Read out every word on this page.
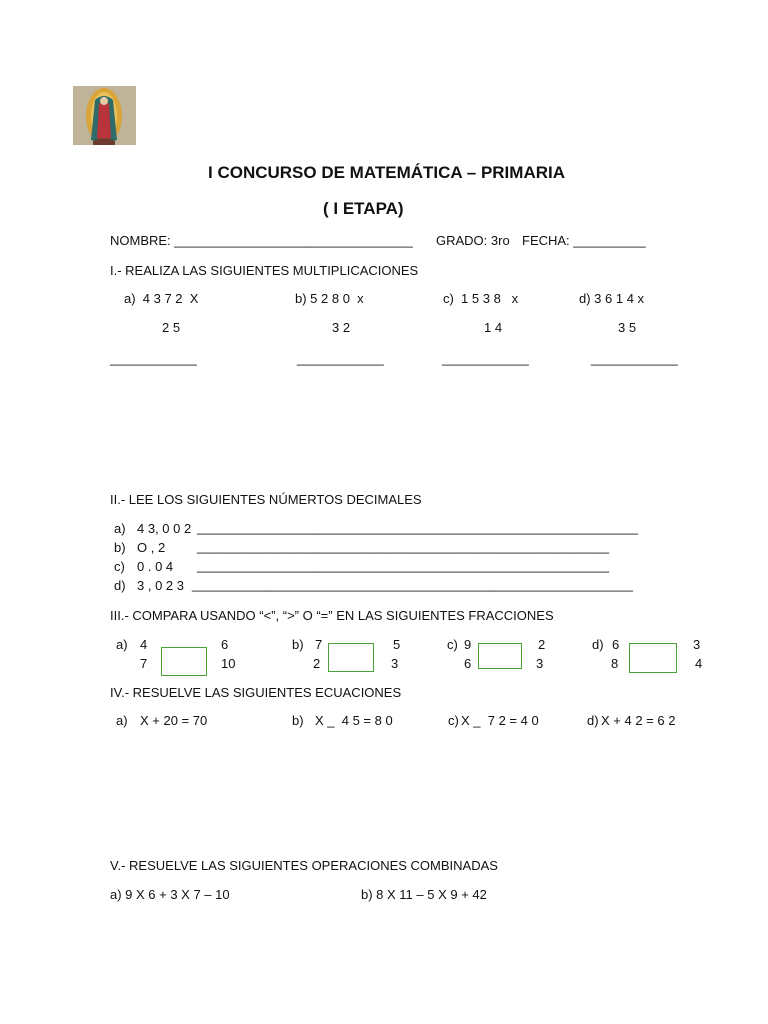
I CONCURSO DE MATEMÁTICA – PRIMARIA
( I ETAPA)
NOMBRE: _________________________________ GRADO: 3ro FECHA: __________
I.- REALIZA LAS SIGUIENTES MULTIPLICACIONES
a)  4 3 7 2  X
2 5
____________
b) 5 2 8 0  x
3 2
____________
c)  1 5 3 8   x
1 4
____________
d) 3 6 1 4 x
3 5
____________
II.- LEE LOS SIGUIENTES NÚMERTOS DECIMALES
a) 4 3, 0 0 2 _____________________________________________________________
b) O , 2 _________________________________________________________
c) 0 . 0 4 _________________________________________________________
d) 3 , 0 2 3 _____________________________________________________________
III.- COMPARA USANDO “<”, “>” O “=” EN LAS SIGUIENTES FRACCIONES
a) 4
7
6
10
b) 7
2
5
3
c) 9
6
2
3
d) 6
8
3
4
IV.- RESUELVE LAS SIGUIENTES ECUACIONES
a) X + 20 = 70	b) X _  4 5 = 8 0	c) X _  7 2 = 4 0	d) X + 4 2 = 6 2
V.- RESUELVE LAS SIGUIENTES OPERACIONES COMBINADAS
a) 9 X 6 + 3 X 7 – 10	b) 8 X 11 – 5 X 9 + 42
